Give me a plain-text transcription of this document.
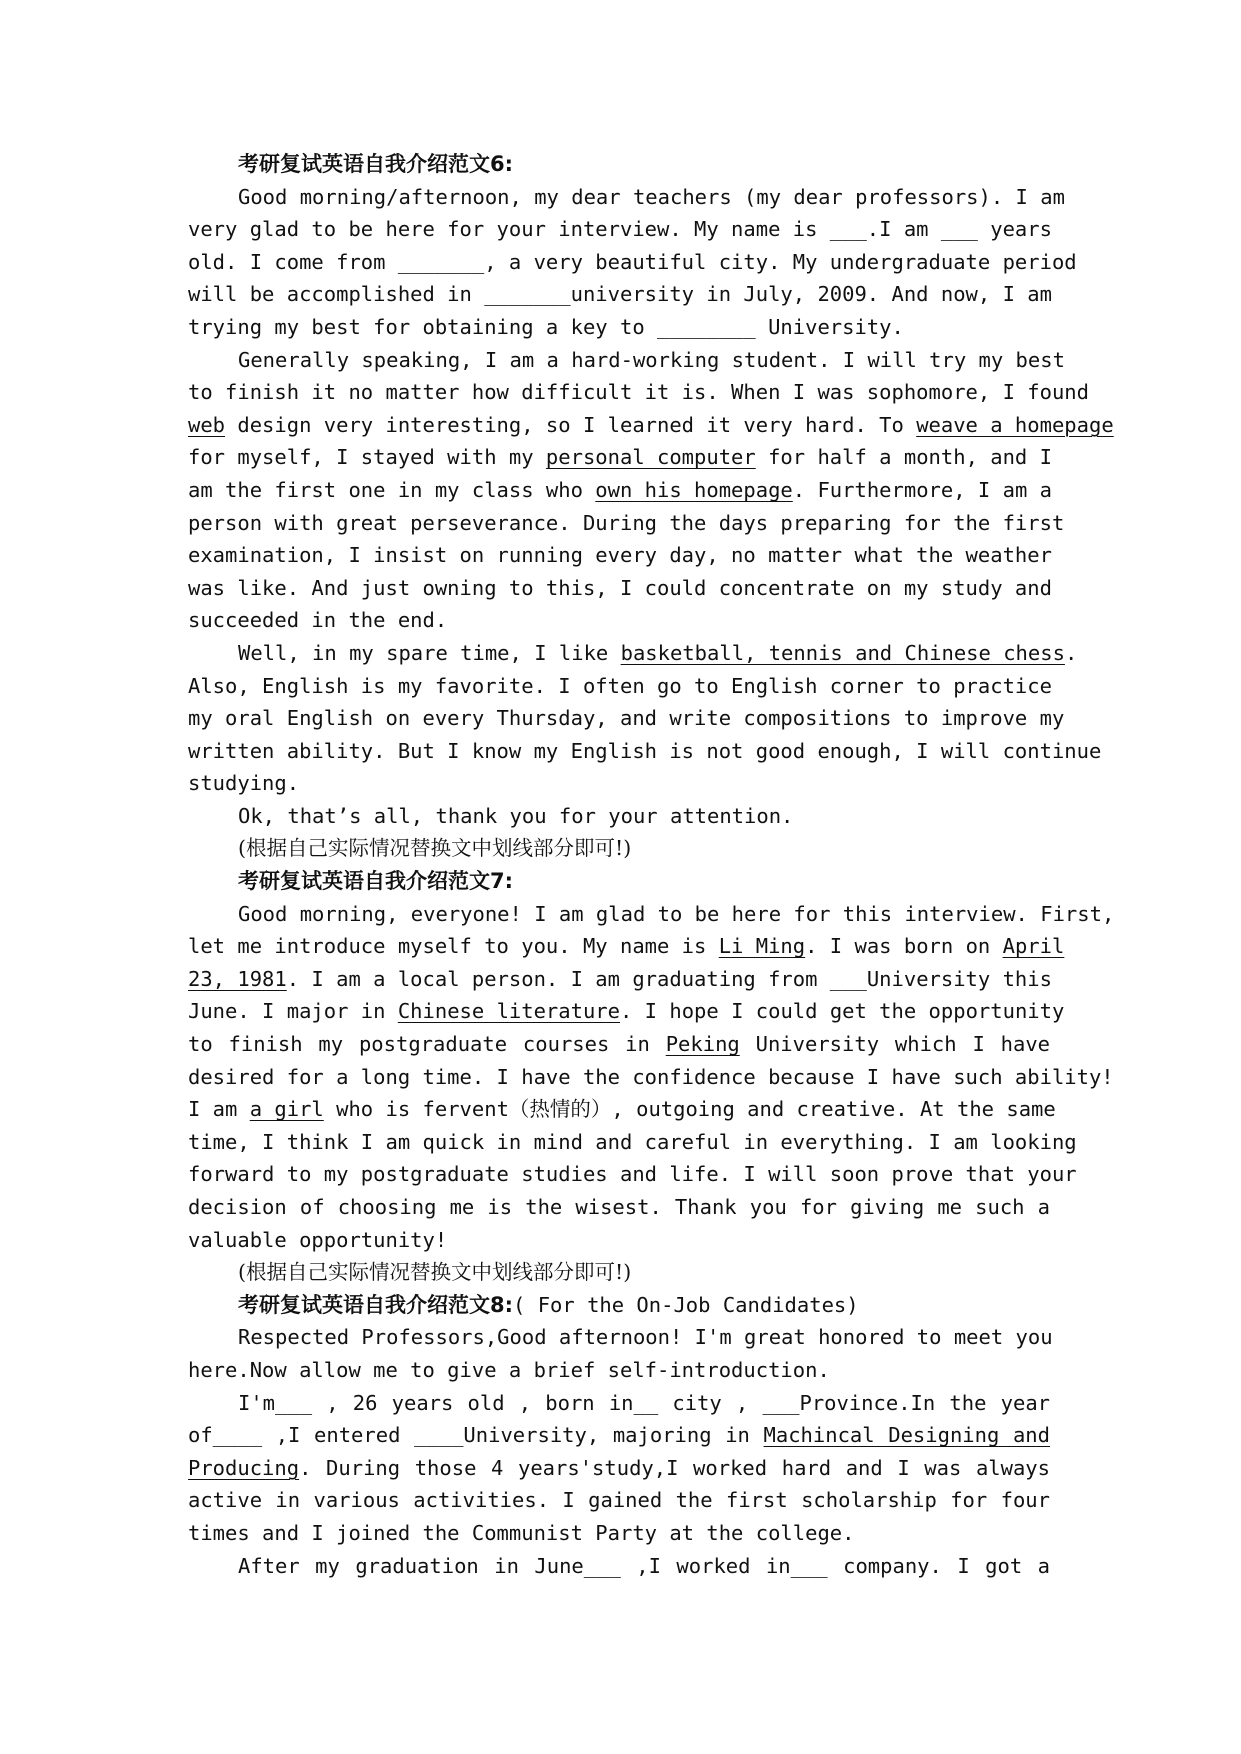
考研复试英语自我介绍范文6:
Good morning/afternoon, my dear teachers (my dear professors). I am
very glad to be here for your interview. My name is ___.I am ___ years
old. I come from _______, a very beautiful city. My undergraduate period
will be accomplished in _______university in July, 2009. And now, I am
trying my best for obtaining a key to ________ University.
Generally speaking, I am a hard-working student. I will try my best
to finish it no matter how difficult it is. When I was sophomore, I found
web design very interesting, so I learned it very hard. To weave a homepage
for myself, I stayed with my personal computer for half a month, and I
am the first one in my class who own his homepage. Furthermore, I am a
person with great perseverance. During the days preparing for the first
examination, I insist on running every day, no matter what the weather
was like. And just owning to this, I could concentrate on my study and
succeeded in the end.
Well, in my spare time, I like basketball, tennis and Chinese chess.
Also, English is my favorite. I often go to English corner to practice
my oral English on every Thursday, and write compositions to improve my
written ability. But I know my English is not good enough, I will continue
studying.
Ok, that’s all, thank you for your attention.
(根据自己实际情况替换文中划线部分即可!)
考研复试英语自我介绍范文7:
Good morning, everyone! I am glad to be here for this interview. First,
let me introduce myself to you. My name is Li Ming. I was born on April
23, 1981. I am a local person. I am graduating from ___University this
June. I major in Chinese literature. I hope I could get the opportunity
to finish my postgraduate courses in Peking University which I have
desired for a long time. I have the confidence because I have such ability!
I am a girl who is fervent（热情的）, outgoing and creative. At the same
time, I think I am quick in mind and careful in everything. I am looking
forward to my postgraduate studies and life. I will soon prove that your
decision of choosing me is the wisest. Thank you for giving me such a
valuable opportunity!
(根据自己实际情况替换文中划线部分即可!)
考研复试英语自我介绍范文8:( For the On-Job Candidates)
Respected Professors,Good afternoon! I'm great honored to meet you
here.Now allow me to give a brief self-introduction.
I'm___ , 26 years old , born in__ city , ___Province.In the year
of____ ,I entered ____University, majoring in Machincal Designing and
Producing. During those 4 years'study,I worked hard and I was always
active in various activities. I gained the first scholarship for four
times and I joined the Communist Party at the college.
After my graduation in June___ ,I worked in___ company. I got a
